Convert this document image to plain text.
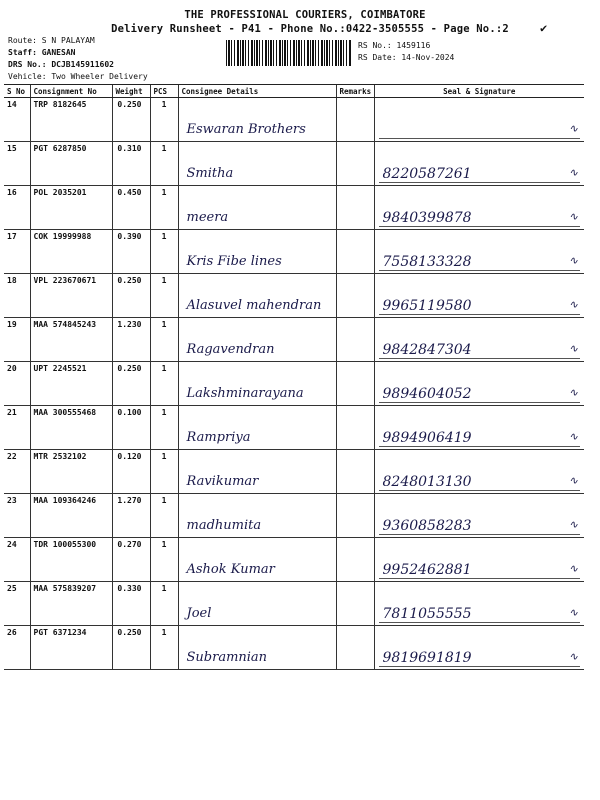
THE PROFESSIONAL COURIERS, COIMBATORE
Delivery Runsheet - P41 - Phone No.:0422-3505555 - Page No.:2	✔
Route: S N PALAYAM
Staff: GANESAN
DRS No.: DCJB145911602
Vehicle: Two Wheeler Delivery
RS No.: 1459116
RS Date: 14-Nov-2024
S No	Consignment No	Weight	PCS	Consignee Details	Remarks	Seal & Signature
14	TRP 8182645	0.250	1	Eswaran Brothers		∿

15	PGT 6287850	0.310	1	Smitha		8220587261 ∿

16	POL 2035201	0.450	1	meera		9840399878 ∿

17	COK 19999988	0.390	1	Kris Fibe lines		7558133328 ∿

18	VPL 223670671	0.250	1	Alasuvel mahendran		9965119580 ∿

19	MAA 574845243	1.230	1	Ragavendran		9842847304 ∿

20	UPT 2245521	0.250	1	Lakshminarayana		9894604052 ∿

21	MAA 300555468	0.100	1	Rampriya		9894906419 ∿

22	MTR 2532102	0.120	1	Ravikumar		8248013130 ∿

23	MAA 109364246	1.270	1	madhumita		9360858283 ∿

24	TDR 100055300	0.270	1	Ashok Kumar		9952462881 ∿

25	MAA 575839207	0.330	1	Joel		7811055555 ∿

26	PGT 6371234	0.250	1	Subramnian		9819691819 ∿
